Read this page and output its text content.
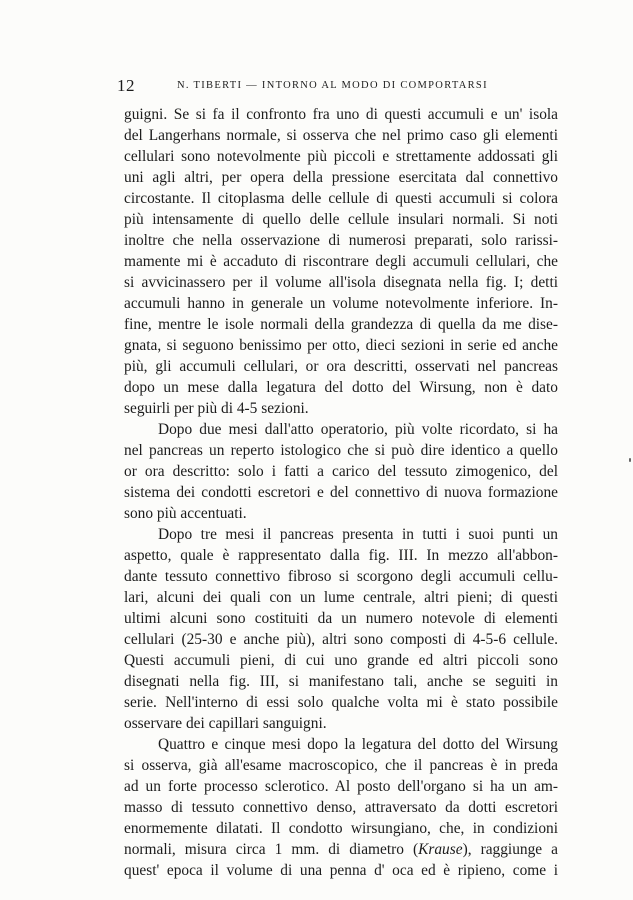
12	N. TIBERTI — INTORNO AL MODO DI COMPORTARSI
guigni. Se si fa il confronto fra uno di questi accumuli e un' isola
del Langerhans normale, si osserva che nel primo caso gli elementi
cellulari sono notevolmente più piccoli e strettamente addossati gli
uni agli altri, per opera della pressione esercitata dal connettivo
circostante. Il citoplasma delle cellule di questi accumuli si colora
più intensamente di quello delle cellule insulari normali. Si noti
inoltre che nella osservazione di numerosi preparati, solo rarissi-
mamente mi è accaduto di riscontrare degli accumuli cellulari, che
si avvicinassero per il volume all'isola disegnata nella fig. I; detti
accumuli hanno in generale un volume notevolmente inferiore. In-
fine, mentre le isole normali della grandezza di quella da me dise-
gnata, si seguono benissimo per otto, dieci sezioni in serie ed anche
più, gli accumuli cellulari, or ora descritti, osservati nel pancreas
dopo un mese dalla legatura del dotto del Wirsung, non è dato
seguirli per più di 4-5 sezioni.
Dopo due mesi dall'atto operatorio, più volte ricordato, si ha
nel pancreas un reperto istologico che si può dire identico a quello
or ora descritto: solo i fatti a carico del tessuto zimogenico, del
sistema dei condotti escretori e del connettivo di nuova formazione
sono più accentuati.
Dopo tre mesi il pancreas presenta in tutti i suoi punti un
aspetto, quale è rappresentato dalla fig. III. In mezzo all'abbon-
dante tessuto connettivo fibroso si scorgono degli accumuli cellu-
lari, alcuni dei quali con un lume centrale, altri pieni; di questi
ultimi alcuni sono costituiti da un numero notevole di elementi
cellulari (25-30 e anche più), altri sono composti di 4-5-6 cellule.
Questi accumuli pieni, di cui uno grande ed altri piccoli sono
disegnati nella fig. III, si manifestano tali, anche se seguiti in
serie. Nell'interno di essi solo qualche volta mi è stato possibile
osservare dei capillari sanguigni.
Quattro e cinque mesi dopo la legatura del dotto del Wirsung
si osserva, già all'esame macroscopico, che il pancreas è in preda
ad un forte processo sclerotico. Al posto dell'organo si ha un am-
masso di tessuto connettivo denso, attraversato da dotti escretori
enormemente dilatati. Il condotto wirsungiano, che, in condizioni
normali, misura circa 1 mm. di diametro (Krause), raggiunge a
quest' epoca il volume di una penna d' oca ed è ripieno, come i
